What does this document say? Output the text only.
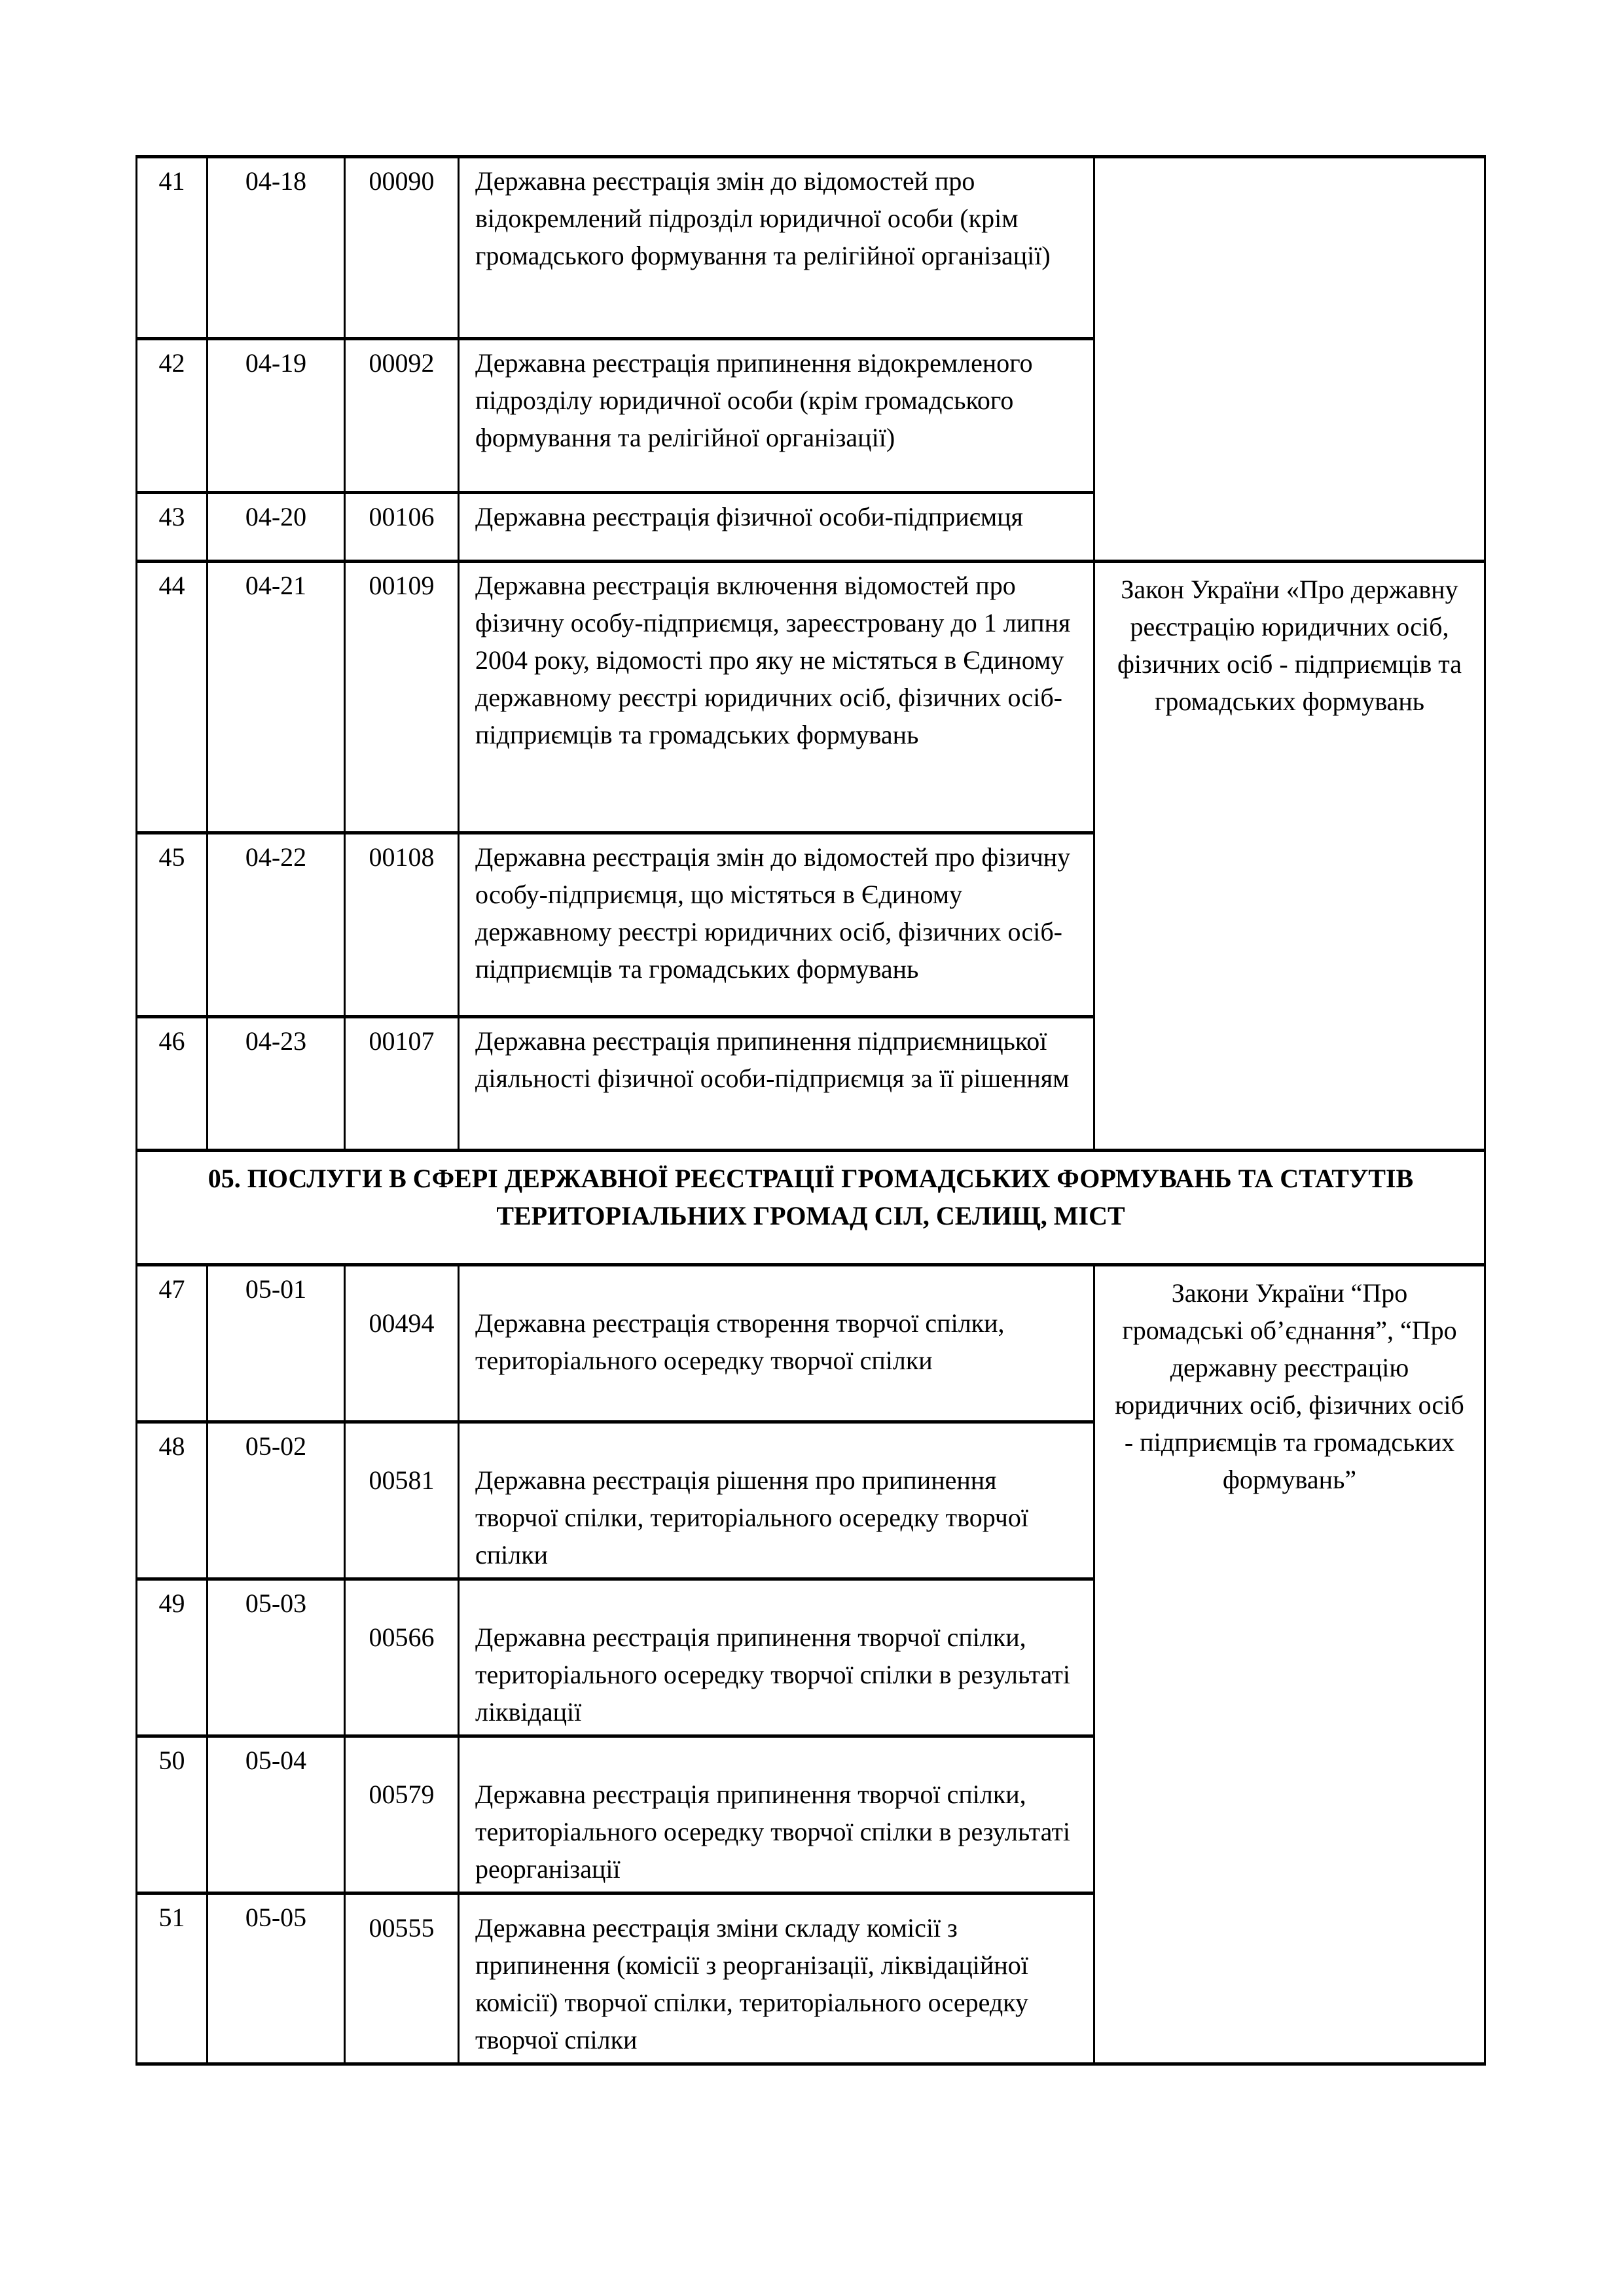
41	04-18	00090	Державна реєстрація змін до відомостей про відокремлений підрозділ юридичної особи (крім громадського формування та релігійної організації)	
42	04-19	00092	Державна реєстрація припинення відокремленого підрозділу юридичної особи (крім громадського формування та релігійної організації)	
43	04-20	00106	Державна реєстрація фізичної особи-підприємця	
44	04-21	00109	Державна реєстрація включення відомостей про фізичну особу-підприємця, зареєстровану до 1 липня 2004 року, відомості про яку не містяться в Єдиному державному реєстрі юридичних осіб, фізичних осіб-підприємців та громадських формувань	Закон України «Про державну реєстрацію юридичних осіб, фізичних осіб - підприємців та громадських формувань
45	04-22	00108	Державна реєстрація змін до відомостей про фізичну особу-підприємця, що містяться в Єдиному державному реєстрі юридичних осіб, фізичних осіб-підприємців та громадських формувань	
46	04-23	00107	Державна реєстрація припинення підприємницької діяльності фізичної особи-підприємця за її рішенням	
05. ПОСЛУГИ В СФЕРІ ДЕРЖАВНОЇ РЕЄСТРАЦІЇ ГРОМАДСЬКИХ ФОРМУВАНЬ ТА СТАТУТІВ ТЕРИТОРІАЛЬНИХ ГРОМАД СІЛ, СЕЛИЩ, МІСТ				
47	05-01	00494	Державна реєстрація створення творчої спілки, територіального осередку творчої спілки	Закони України “Про громадські об’єднання”, “Про державну реєстрацію юридичних осіб, фізичних осіб - підприємців та громадських формувань”
48	05-02	00581	Державна реєстрація рішення про припинення творчої спілки, територіального осередку творчої спілки	
49	05-03	00566	Державна реєстрація припинення творчої спілки, територіального осередку творчої спілки в результаті ліквідації	
50	05-04	00579	Державна реєстрація припинення творчої спілки, територіального осередку творчої спілки в результаті реорганізації	
51	05-05	00555	Державна реєстрація зміни складу комісії з припинення (комісії з реорганізації, ліквідаційної комісії) творчої спілки, територіального осередку творчої спілки	
